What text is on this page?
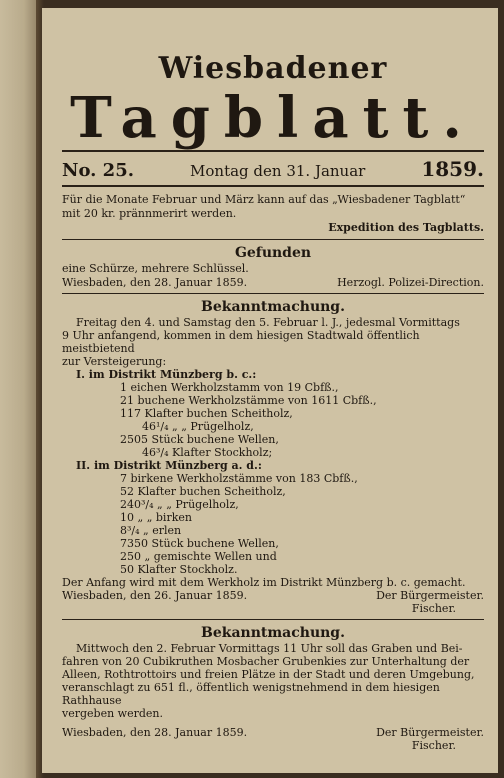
Wiesbadener
Tagblatt.
No. 25.	Montag den 31. Januar	1859.
Für die Monate Februar und März kann auf das „Wiesbadener Tagblatt“ mit 20 kr. prännmerirt werden.
Expedition des Tagblatts.
Gefunden
eine Schürze, mehrere Schlüssel.
Wiesbaden, den 28. Januar 1859.	Herzogl. Polizei-Direction.
Bekanntmachung.
Freitag den 4. und Samstag den 5. Februar l. J., jedesmal Vormittags
9 Uhr anfangend, kommen in dem hiesigen Stadtwald öffentlich meistbietend
zur Versteigerung:
I. im Distrikt Münzberg b. c.:
1 eichen Werkholzstamm von 19 Cbfß.,
21 buchene Werkholzstämme von 1611 Cbfß.,
117 Klafter buchen Scheitholz,
46¹/₄ „ „ Prügelholz,
2505 Stück buchene Wellen,
46³/₄ Klafter Stockholz;
II. im Distrikt Münzberg a. d.:
7 birkene Werkholzstämme von 183 Cbfß.,
52 Klafter buchen Scheitholz,
240³/₄ „ „ Prügelholz,
10 „ „ birken
8³/₄ „ erlen
7350 Stück buchene Wellen,
250 „ gemischte Wellen und
50 Klafter Stockholz.
Der Anfang wird mit dem Werkholz im Distrikt Münzberg b. c. gemacht.
Wiesbaden, den 26. Januar 1859.	Der Bürgermeister.
Fischer.
Bekanntmachung.
Mittwoch den 2. Februar Vormittags 11 Uhr soll das Graben und Bei-
fahren von 20 Cubikruthen Mosbacher Grubenkies zur Unterhaltung der
Alleen, Rothtrottoirs und freien Plätze in der Stadt und deren Umgebung,
veranschlagt zu 651 fl., öffentlich wenigstnehmend in dem hiesigen Rathhause
vergeben werden.
Wiesbaden, den 28. Januar 1859.	Der Bürgermeister.
Fischer.
